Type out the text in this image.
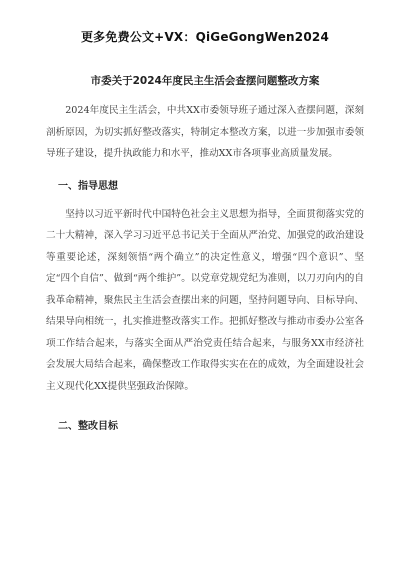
更多免费公文+VX：QiGeGongWen2024
市委关于2024年度民主生活会查摆问题整改方案

2024年度民主生活会，中共XX市委领导班子通过深入查摆问题，深刻剖析原因，为切实抓好整改落实，特制定本整改方案，以进一步加强市委领导班子建设，提升执政能力和水平，推动XX市各项事业高质量发展。

一、指导思想

坚持以习近平新时代中国特色社会主义思想为指导，全面贯彻落实党的二十大精神，深入学习习近平总书记关于全面从严治党、加强党的政治建设等重要论述，深刻领悟“两个确立”的决定性意义，增强“四个意识”、坚定“四个自信”、做到“两个维护”。以党章党规党纪为准则，以刀刃向内的自我革命精神，聚焦民主生活会查摆出来的问题，坚持问题导向、目标导向、结果导向相统一，扎实推进整改落实工作。把抓好整改与推动市委办公室各项工作结合起来，与落实全面从严治党责任结合起来，与服务XX市经济社会发展大局结合起来，确保整改工作取得实实在在的成效，为全面建设社会主义现代化XX提供坚强政治保障。

二、整改目标
